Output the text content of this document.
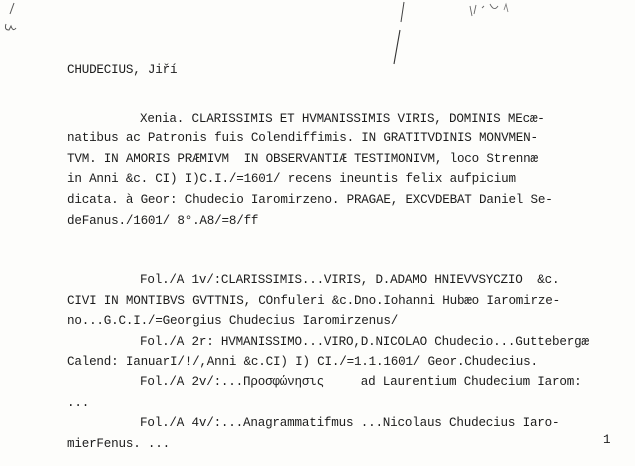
CHUDECIUS, Jiří
Xenia. CLARISSIMIS ET HVMANISSIMIS VIRIS, DOMINIS MEcæ-
natibus ac Patronis fuis Colendiffimis. IN GRATITVDINIS MONVMEN-
TVM. IN AMORIS PRÆMIVM  IN OBSERVANTIÆ TESTIMONIVM, loco Strennæ
in Anni &c. CI) I)C.I./=1601/ recens ineuntis felix aufpicium
dicata. à Geor: Chudecio Iaromirzeno. PRAGAE, EXCVDEBAT Daniel Se-
deFanus./1601/ 8°.A8/=8/ff
Fol./A 1v/:CLARISSIMIS...VIRIS, D.ADAMO HNIEVVSYCZIO  &c.
CIVI IN MONTIBVS GVTTNIS, COnfuleri &c.Dno.Iohanni Hubæo Iaromirze-
no...G.C.I./=Georgius Chudecius Iaromirzenus/
Fol./A 2r: HVMANISSIMO...VIRO,D.NICOLAO Chudecio...Guttebergæ
Calend: IanuarI/!/,Anni &c.CI) I) CI./=1.1.1601/ Geor.Chudecius.
Fol./A 2v/:...Προσφώνησις     ad Laurentium Chudecium Iarom:
...
Fol./A 4v/:...Anagrammatifmus ...Nicolaus Chudecius Iaro-
mierFenus. ...	1
